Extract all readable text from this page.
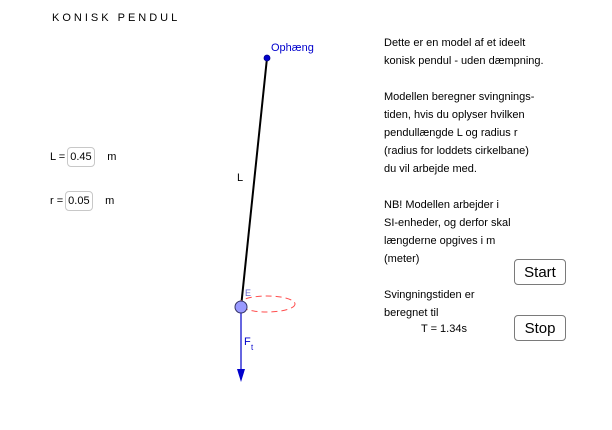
KONISK PENDUL
L =
0.45	m
r =
0.05	m
Ophæng
L
E
F t
Dette er en model af et ideelt
konisk pendul - uden dæmpning.
Modellen beregner svingnings-
tiden, hvis du oplyser hvilken
pendullængde L og radius r
(radius for loddets cirkelbane)
du vil arbejde med.
NB! Modellen arbejder i
SI-enheder, og derfor skal
længderne opgives i m
(meter)
Svingningstiden er
beregnet til
T = 1.34s
Start
Stop
